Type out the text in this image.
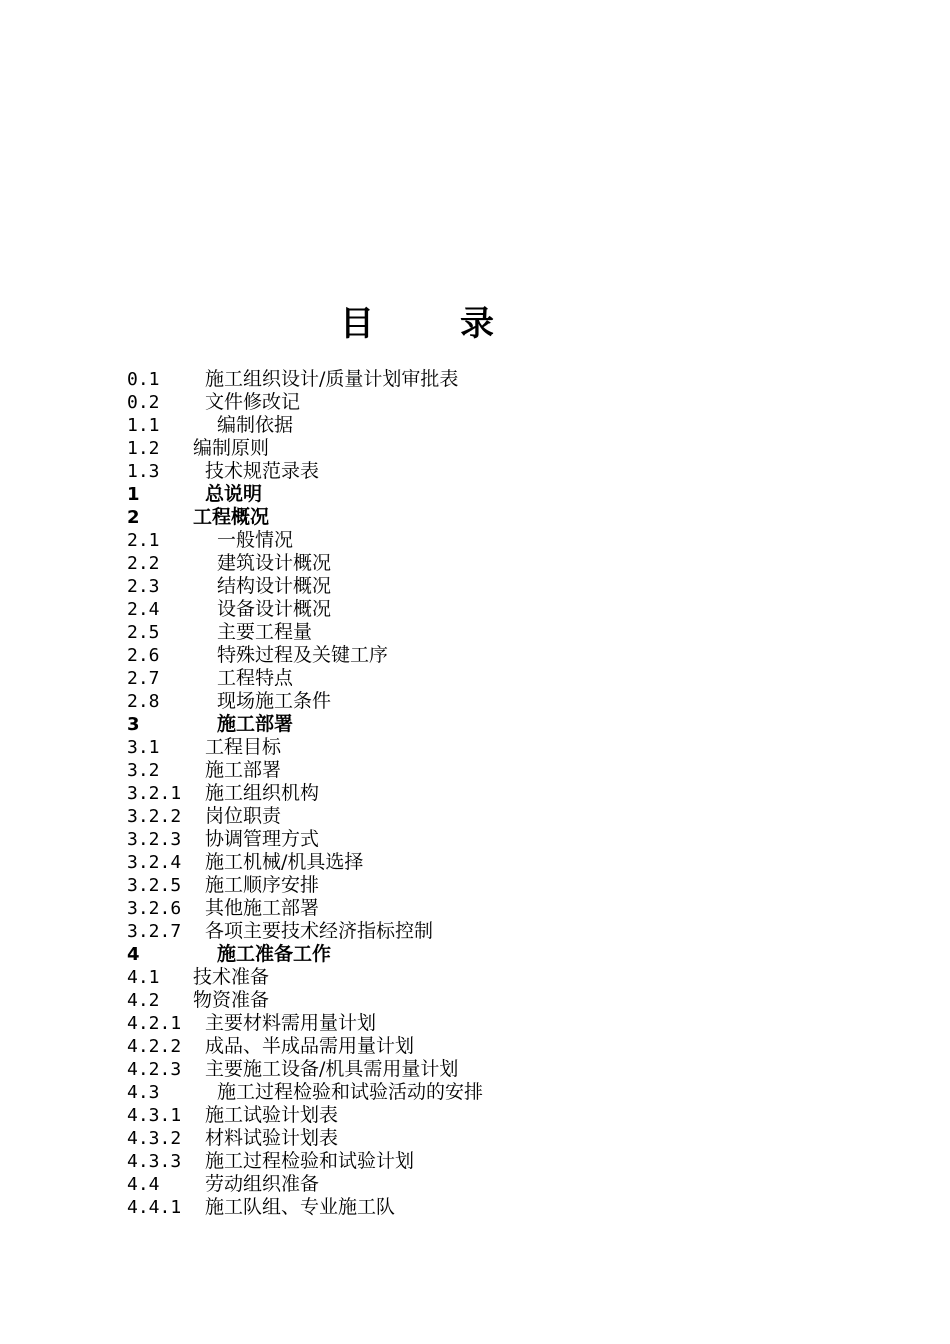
目	录
0.1 施工组织设计/质量计划审批表
0.2 文件修改记
1.1	编制依据
1.2 编制原则
1.3 技术规范录表
1	总说明
2	工程概况
2.1	一般情况
2.2	建筑设计概况
2.3	结构设计概况
2.4	设备设计概况
2.5	主要工程量
2.6	特殊过程及关键工序
2.7	工程特点
2.8	现场施工条件
3	施工部署
3.1 工程目标
3.2 施工部署
3.2.1 施工组织机构
3.2.2 岗位职责
3.2.3 协调管理方式
3.2.4 施工机械/机具选择
3.2.5 施工顺序安排
3.2.6 其他施工部署
3.2.7 各项主要技术经济指标控制
4	施工准备工作
4.1 技术准备
4.2 物资准备
4.2.1 主要材料需用量计划
4.2.2 成品、半成品需用量计划
4.2.3 主要施工设备/机具需用量计划
4.3	施工过程检验和试验活动的安排
4.3.1 施工试验计划表
4.3.2 材料试验计划表
4.3.3 施工过程检验和试验计划
4.4 劳动组织准备
4.4.1 施工队组、专业施工队
